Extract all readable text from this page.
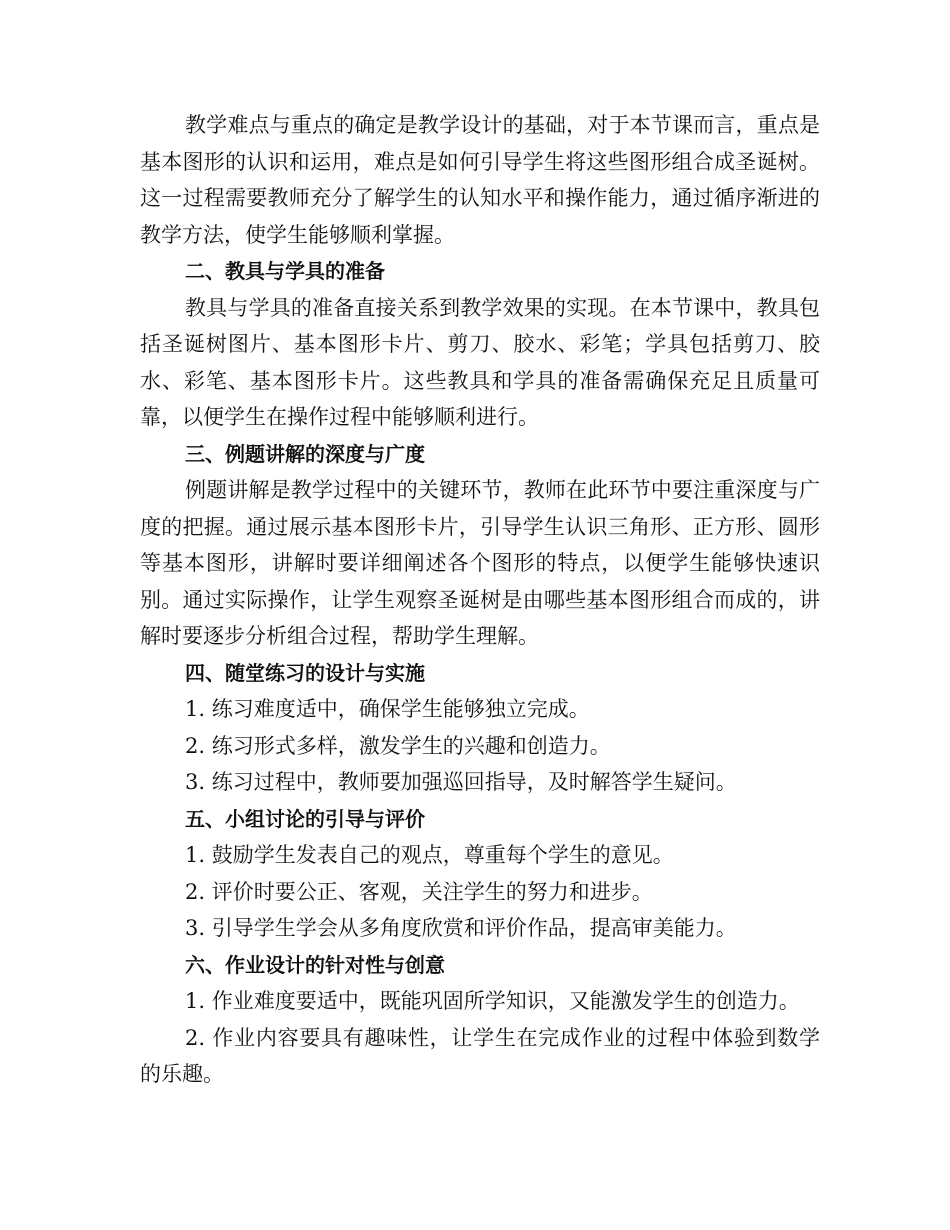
教学难点与重点的确定是教学设计的基础，对于本节课而言，重点是基本图形的认识和运用，难点是如何引导学生将这些图形组合成圣诞树。这一过程需要教师充分了解学生的认知水平和操作能力，通过循序渐进的教学方法，使学生能够顺利掌握。

二、教具与学具的准备

教具与学具的准备直接关系到教学效果的实现。在本节课中，教具包括圣诞树图片、基本图形卡片、剪刀、胶水、彩笔；学具包括剪刀、胶水、彩笔、基本图形卡片。这些教具和学具的准备需确保充足且质量可靠，以便学生在操作过程中能够顺利进行。

三、例题讲解的深度与广度

例题讲解是教学过程中的关键环节，教师在此环节中要注重深度与广度的把握。通过展示基本图形卡片，引导学生认识三角形、正方形、圆形等基本图形，讲解时要详细阐述各个图形的特点，以便学生能够快速识别。通过实际操作，让学生观察圣诞树是由哪些基本图形组合而成的，讲解时要逐步分析组合过程，帮助学生理解。

四、随堂练习的设计与实施

1. 练习难度适中，确保学生能够独立完成。

2. 练习形式多样，激发学生的兴趣和创造力。

3. 练习过程中，教师要加强巡回指导，及时解答学生疑问。

五、小组讨论的引导与评价

1. 鼓励学生发表自己的观点，尊重每个学生的意见。

2. 评价时要公正、客观，关注学生的努力和进步。

3. 引导学生学会从多角度欣赏和评价作品，提高审美能力。

六、作业设计的针对性与创意

1. 作业难度要适中，既能巩固所学知识，又能激发学生的创造力。

2. 作业内容要具有趣味性，让学生在完成作业的过程中体验到数学的乐趣。
